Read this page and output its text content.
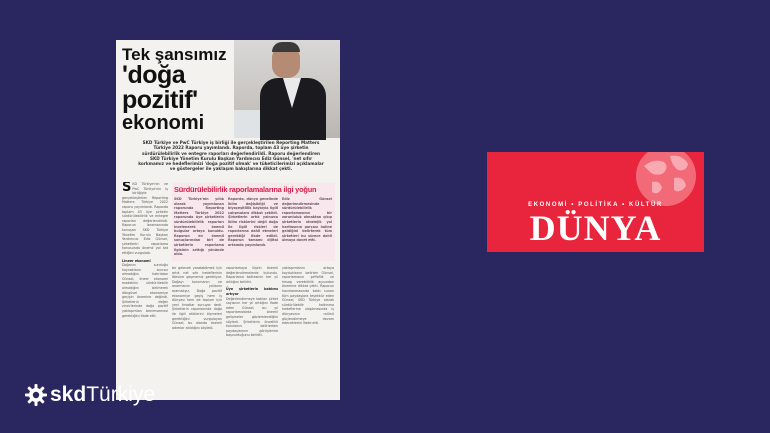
Tek şansımız
'doğa pozitif'
ekonomi
SKD Türkiye ve PwC Türkiye iş birliği ile gerçekleştirilen Reporting Matters Türkiye 2022 Raporu yayımlandı. Raporda, toplam 43 üye şirketin sürdürülebilirlik ve entegre raporları değerlendirildi. Raporu değerlendiren SKD Türkiye Yönetim Kurulu Başkan Yardımcısı Ediz Günsel, 'net sıfır korkmamız ve hedeflerimizi 'doğa pozitif olmak' ve tüketicilerimizi açıklamalar ve göstergeler ile yaklaşım bakışlarına dikkat çekti.
S KD Türkiye'nin ve PwC Türkiye'nin iş birliğiyle gerçekleştirilen Reporting Matters Türkiye 2022 raporu yayımlandı. Raporda toplam 43 üye şirketin sürdürülebilirlik ve entegre raporları değerlendirildi. Raporun lansmanında konuşan SKD Türkiye Yönetim Kurulu Başkan Yardımcısı Ediz Günsel, şirketlerin raporlama konusunda önemli yol kat ettiğini vurguladı.
Lineer ekonomi
Doğanın sunduğu kaynakların sınırsız olmadığını hatırlatan Günsel, lineer ekonomi modelinin sürdürülebilir olmadığını belirterek döngüsel ekonomiye geçişin önemine değindi. Şirketlerin değer zincirlerinde doğa pozitif yaklaşımları benimsemesi gerektiğini ifade etti.
Sürdürülebilirlik raporlamalarına ilgi yoğun
SKD Türkiye'nin yıllık olarak yayımlanan raporunda Reporting Matters Türkiye 2022 raporunda üye şirketlerin sürdürülebilirlik raporları incelenerek önemli bulgular ortaya konuldu. Raporun en önemli sonuçlarından biri de şirketlerin raporlama ilgisinin arttığı yönünde oldu.
Raporda, dünya genelinde iklim değişikliği ve biyoçeşitlilik kaybıyla ilgili çalışmalara dikkat çekildi. Şirketlerin artık yalnızca iklim risklerini değil doğa ile ilgili riskleri de raporlarına dahil etmeleri gerektiği ifade edildi. Raporun tamamı dijital ortamda yayımlandı.
Ediz Günsel değerlendirmesinde sürdürülebilirlik raporlamasının bir zorunluluk olmaktan çıkıp şirketlerin stratejik yol haritasının parçası haline geldiğini belirterek tüm şirketleri bu sürece dahil olmaya davet etti.
bir gelecek yaratabilmek için artık net sıfır hedeflerinin ötesine geçmemiz gerekiyor. Doğayı korumanın ve onarmanın yollarını aramalıyız. Doğa pozitif ekonomiye geçiş hem iş dünyası hem de toplum için yeni fırsatlar sunuyor dedi. Şirketlerin raporlarında doğa ile ilgili etkilerini ölçmeleri gerektiğini vurgulayan Günsel, bu alanda önemli adımlar atıldığını söyledi.
raporlamaya ilişkin önemli değerlendirmelerde bulundu. Raporlama kalitesinin her yıl arttığını belirtti.
Üye şirketlerin katılımı artıyor
Değerlendirmeye katılan şirket sayısının her yıl arttığını ifade eden Günsel, bu yıl raporlamalarda önemli gelişmeler gözlemlendiğini söyledi. Şirketlerin öncelikli konularını belirlerken paydaşlarının görüşlerine başvurduğunu belirtti.
yaklaşımlarını ortaya koyduklarını belirten Günsel, raporlamanın şeffaflık ve hesap verebilirlik açısından önemine dikkat çekti. Raporun hazırlanmasında katkı sunan tüm paydaşlara teşekkür eden Günsel, SKD Türkiye olarak sürdürülebilir kalkınma hedeflerine ulaşılmasında iş dünyasının rolünü güçlendirmeye devam edeceklerini ifade etti.
EKONOMİ • POLİTİKA • KÜLTÜR
DÜNYA
skdTürkiye
